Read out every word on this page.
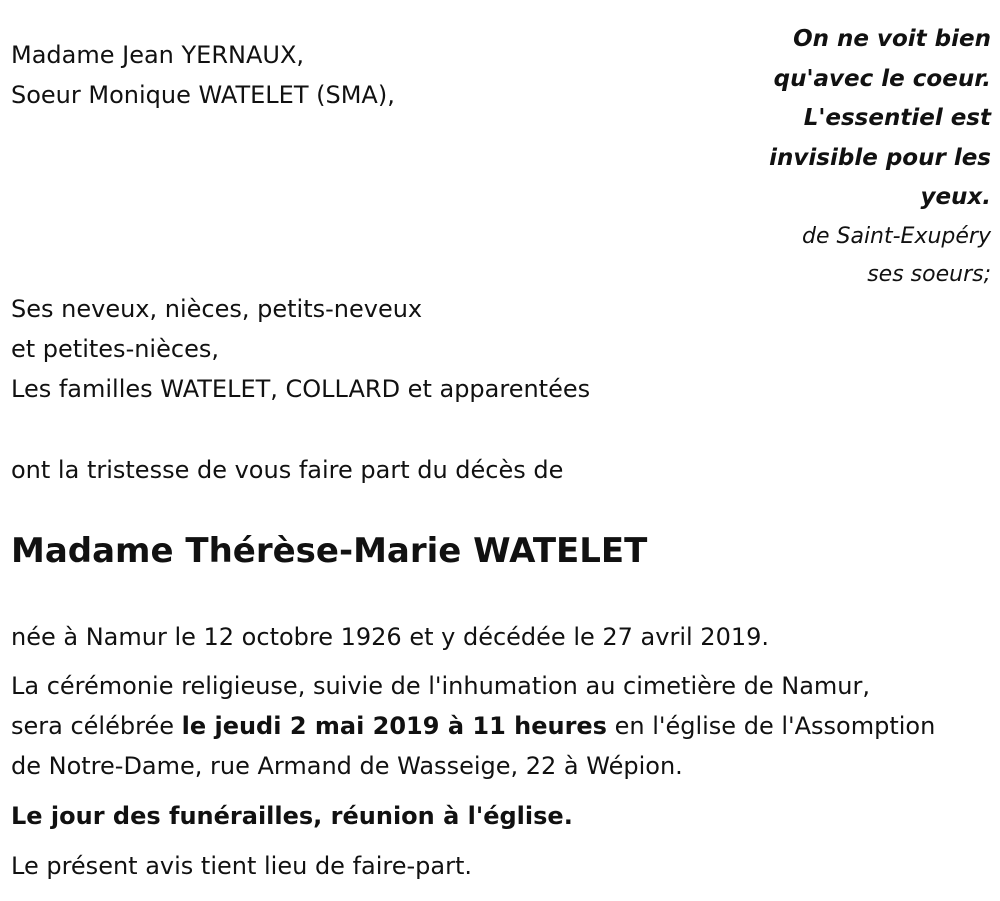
Madame Jean YERNAUX,
Soeur Monique WATELET (SMA),
On ne voit bien
qu'avec le coeur.
L'essentiel est
invisible pour les
yeux.
de Saint-Exupéry
ses soeurs;
Ses neveux, nièces, petits-neveux
et petites-nièces,
Les familles WATELET, COLLARD et apparentées
ont la tristesse de vous faire part du décès de
Madame Thérèse-Marie WATELET
née à Namur le 12 octobre 1926 et y décédée le 27 avril 2019.
La cérémonie religieuse, suivie de l'inhumation au cimetière de Namur,
sera célébrée le jeudi 2 mai 2019 à 11 heures en l'église de l'Assomption
de Notre-Dame, rue Armand de Wasseige, 22 à Wépion.
Le jour des funérailles, réunion à l'église.
Le présent avis tient lieu de faire-part.
